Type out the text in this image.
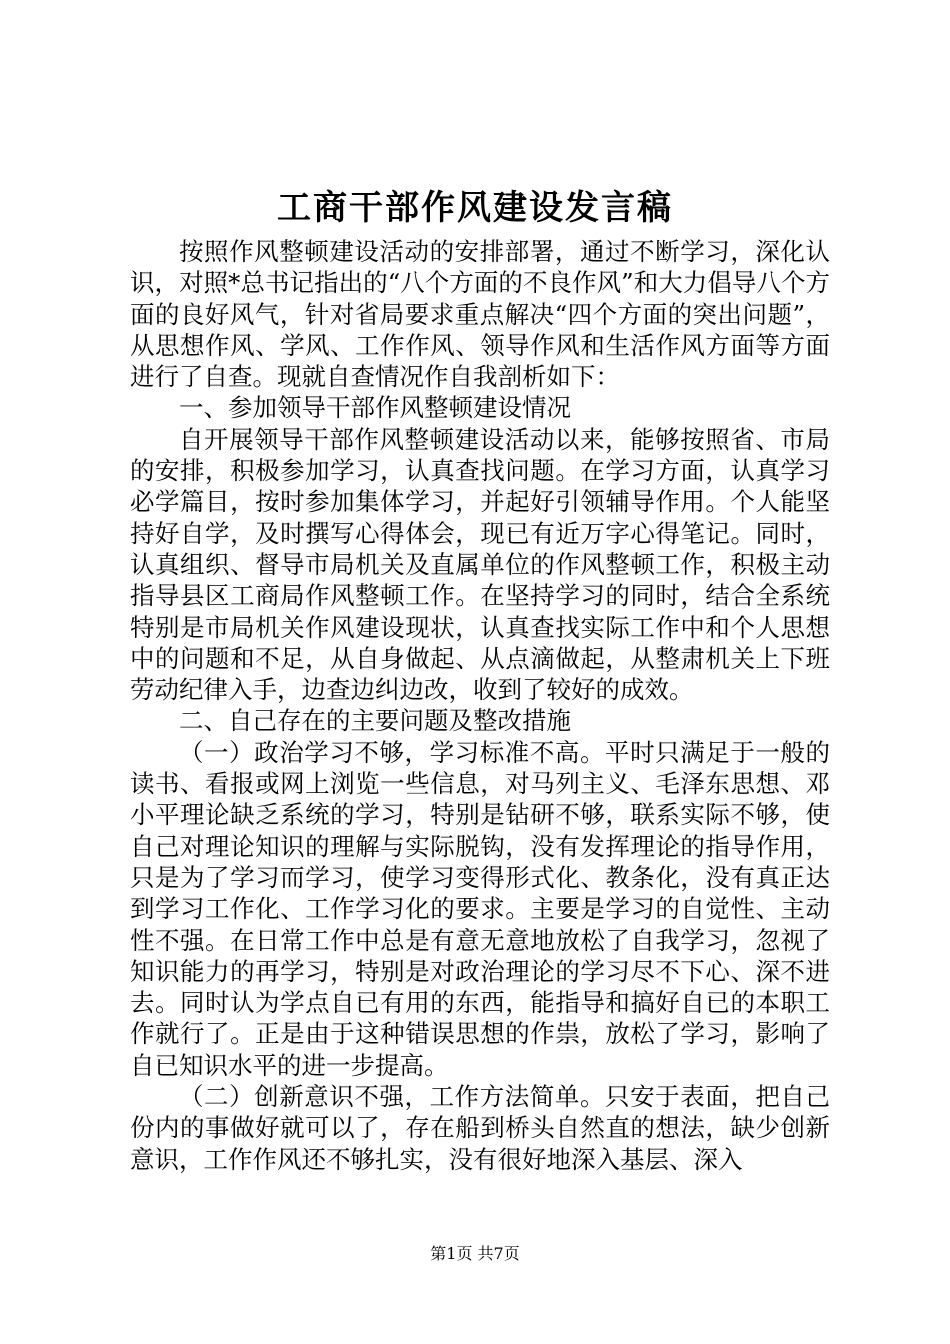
工商干部作风建设发言稿

按照作风整顿建设活动的安排部署，通过不断学习，深化认识，对照*总书记指出的“八个方面的不良作风”和大力倡导八个方面的良好风气，针对省局要求重点解决“四个方面的突出问题”，从思想作风、学风、工作作风、领导作风和生活作风方面等方面进行了自查。现就自查情况作自我剖析如下：

一、参加领导干部作风整顿建设情况

自开展领导干部作风整顿建设活动以来，能够按照省、市局的安排，积极参加学习，认真查找问题。在学习方面，认真学习必学篇目，按时参加集体学习，并起好引领辅导作用。个人能坚持好自学，及时撰写心得体会，现已有近万字心得笔记。同时，认真组织、督导市局机关及直属单位的作风整顿工作，积极主动指导县区工商局作风整顿工作。在坚持学习的同时，结合全系统特别是市局机关作风建设现状，认真查找实际工作中和个人思想中的问题和不足，从自身做起、从点滴做起，从整肃机关上下班劳动纪律入手，边查边纠边改，收到了较好的成效。

二、自己存在的主要问题及整改措施

（一）政治学习不够，学习标准不高。平时只满足于一般的读书、看报或网上浏览一些信息，对马列主义、毛泽东思想、邓小平理论缺乏系统的学习，特别是钻研不够，联系实际不够，使自己对理论知识的理解与实际脱钩，没有发挥理论的指导作用，只是为了学习而学习，使学习变得形式化、教条化，没有真正达到学习工作化、工作学习化的要求。主要是学习的自觉性、主动性不强。在日常工作中总是有意无意地放松了自我学习，忽视了知识能力的再学习，特别是对政治理论的学习尽不下心、深不进去。同时认为学点自已有用的东西，能指导和搞好自已的本职工作就行了。正是由于这种错误思想的作祟，放松了学习，影响了自已知识水平的进一步提高。

（二）创新意识不强，工作方法简单。只安于表面，把自己份内的事做好就可以了，存在船到桥头自然直的想法，缺少创新意识，工作作风还不够扎实，没有很好地深入基层、深入

第1页 共7页
